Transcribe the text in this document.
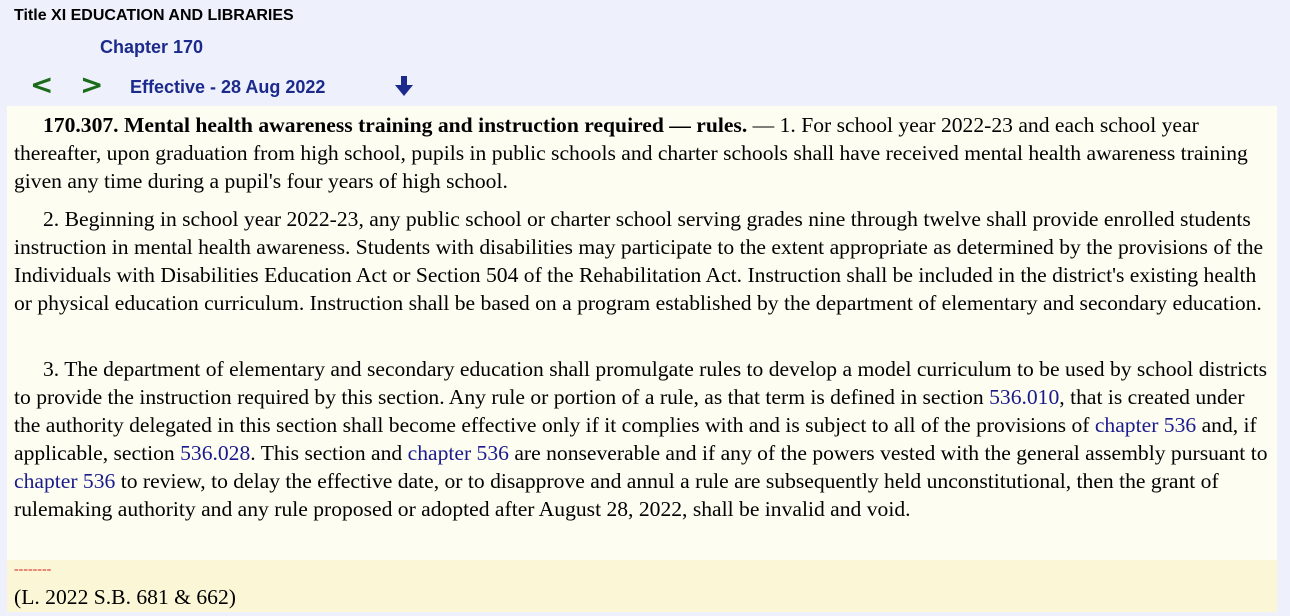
Title XI EDUCATION AND LIBRARIES
Chapter 170
< > Effective - 28 Aug 2022

170.307. Mental health awareness training and instruction required — rules. — 1. For school year 2022-23 and each school year thereafter, upon graduation from high school, pupils in public schools and charter schools shall have received mental health awareness training given any time during a pupil's four years of high school.

2. Beginning in school year 2022-23, any public school or charter school serving grades nine through twelve shall provide enrolled students instruction in mental health awareness. Students with disabilities may participate to the extent appropriate as determined by the provisions of the Individuals with Disabilities Education Act or Section 504 of the Rehabilitation Act. Instruction shall be included in the district's existing health or physical education curriculum. Instruction shall be based on a program established by the department of elementary and secondary education.

3. The department of elementary and secondary education shall promulgate rules to develop a model curriculum to be used by school districts to provide the instruction required by this section. Any rule or portion of a rule, as that term is defined in section 536.010, that is created under the authority delegated in this section shall become effective only if it complies with and is subject to all of the provisions of chapter 536 and, if applicable, section 536.028. This section and chapter 536 are nonseverable and if any of the powers vested with the general assembly pursuant to chapter 536 to review, to delay the effective date, or to disapprove and annul a rule are subsequently held unconstitutional, then the grant of rulemaking authority and any rule proposed or adopted after August 28, 2022, shall be invalid and void.

--------
(L. 2022 S.B. 681 & 662)
